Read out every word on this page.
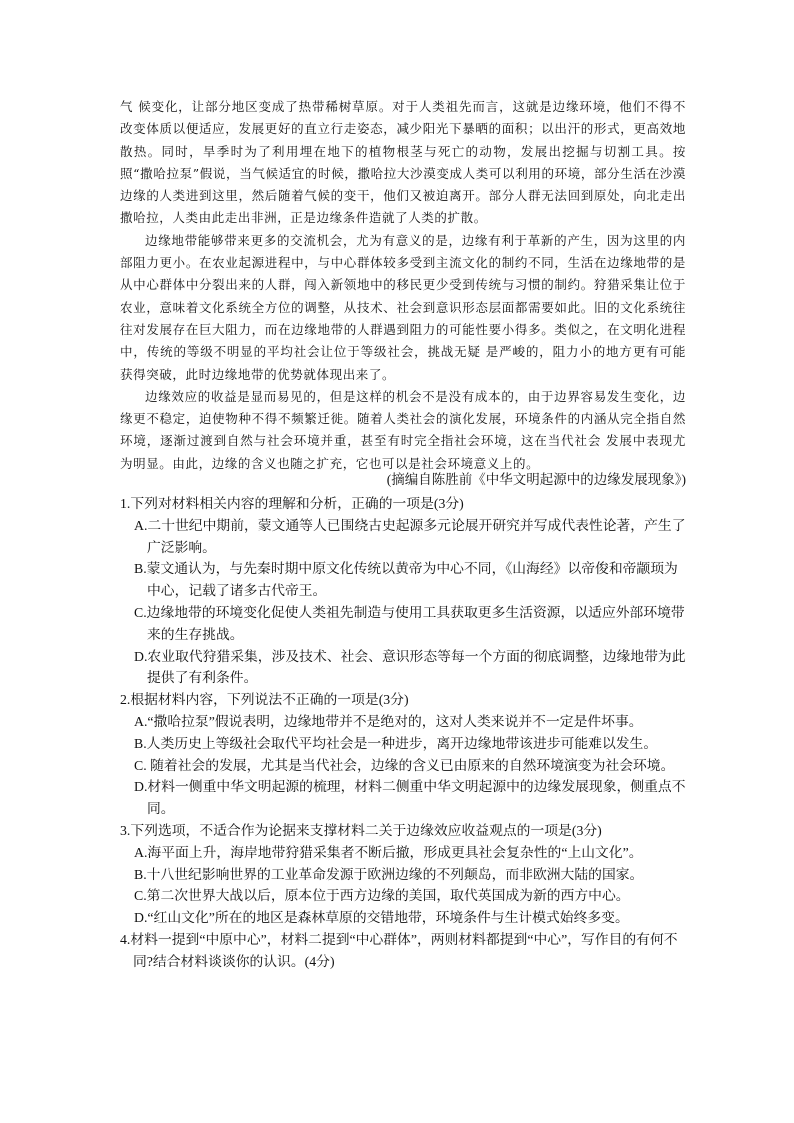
气 候变化，让部分地区变成了热带稀树草原。对于人类祖先而言，这就是边缘环境，他们不得不 改变体质以便适应，发展更好的直立行走姿态，减少阳光下暴晒的面积；以出汗的形式，更高效地散热。同时，旱季时为了利用埋在地下的植物根茎与死亡的动物，发展出挖掘与切割工具。按照“撒哈拉泵”假说，当气候适宜的时候，撒哈拉大沙漠变成人类可以利用的环境，部分生活在沙漠边缘的人类进到这里，然后随着气候的变干，他们又被迫离开。部分人群无法回到原处，向北走出撒哈拉，人类由此走出非洲，正是边缘条件造就了人类的扩散。

边缘地带能够带来更多的交流机会，尤为有意义的是，边缘有利于革新的产生，因为这里的内部阻力更小。在农业起源进程中，与中心群体较多受到主流文化的制约不同，生活在边缘地带的是从中心群体中分裂出来的人群，闯入新领地中的移民更少受到传统与习惯的制约。狩猎采集让位于农业，意味着文化系统全方位的调整，从技术、社会到意识形态层面都需要如此。旧的文化系统往往对发展存在巨大阻力，而在边缘地带的人群遇到阻力的可能性要小得多。类似之，在文明化进程中，传统的等级不明显的平均社会让位于等级社会，挑战无疑 是严峻的，阻力小的地方更有可能获得突破，此时边缘地带的优势就体现出来了。

边缘效应的收益是显而易见的，但是这样的机会不是没有成本的，由于边界容易发生变化，边缘更不稳定，迫使物种不得不频繁迁徙。随着人类社会的演化发展，环境条件的内涵从完全指自然环境，逐渐过渡到自然与社会环境并重，甚至有时完全指社会环境，这在当代社会 发展中表现尤为明显。由此，边缘的含义也随之扩充，它也可以是社会环境意义上的。

(摘编自陈胜前《中华文明起源中的边缘发展现象》)

1.下列对材料相关内容的理解和分析，正确的一项是(3分)

A.二十世纪中期前，蒙文通等人已围绕古史起源多元论展开研究并写成代表性论著，产生了广泛影响。

B.蒙文通认为，与先秦时期中原文化传统以黄帝为中心不同，《山海经》以帝俊和帝颛顼为中心，记载了诸多古代帝王。

C.边缘地带的环境变化促使人类祖先制造与使用工具获取更多生活资源，以适应外部环境带来的生存挑战。

D.农业取代狩猎采集，涉及技术、社会、意识形态等每一个方面的彻底调整，边缘地带为此提供了有利条件。

2.根据材料内容，下列说法不正确的一项是(3分)

A.“撒哈拉泵”假说表明，边缘地带并不是绝对的，这对人类来说并不一定是件坏事。

B.人类历史上等级社会取代平均社会是一种进步，离开边缘地带该进步可能难以发生。

C. 随着社会的发展，尤其是当代社会，边缘的含义已由原来的自然环境演变为社会环境。

D.材料一侧重中华文明起源的梳理，材料二侧重中华文明起源中的边缘发展现象，侧重点不同。

3.下列选项，不适合作为论据来支撑材料二关于边缘效应收益观点的一项是(3分)

A.海平面上升，海岸地带狩猎采集者不断后撤，形成更具社会复杂性的“上山文化”。

B.十八世纪影响世界的工业革命发源于欧洲边缘的不列颠岛，而非欧洲大陆的国家。

C.第二次世界大战以后，原本位于西方边缘的美国，取代英国成为新的西方中心。

D.“红山文化”所在的地区是森林草原的交错地带，环境条件与生计模式始终多变。

4.材料一提到“中原中心”，材料二提到“中心群体”，两则材料都提到“中心”，写作目的有何不同?结合材料谈谈你的认识。(4分)
